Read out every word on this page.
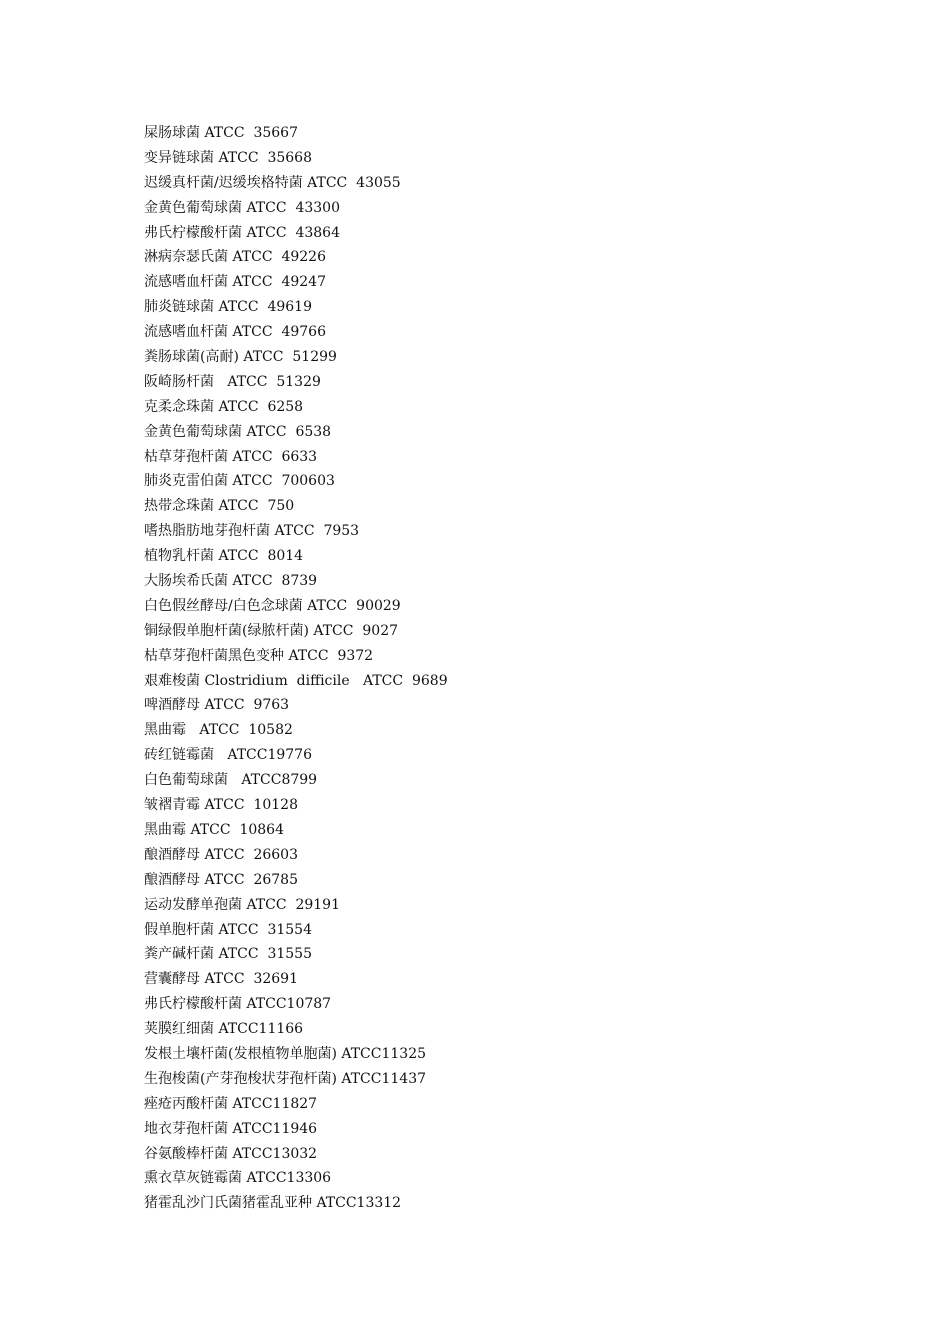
屎肠球菌 ATCC  35667
变异链球菌 ATCC  35668
迟缓真杆菌/迟缓埃格特菌 ATCC  43055
金黄色葡萄球菌 ATCC  43300
弗氏柠檬酸杆菌 ATCC  43864
淋病奈瑟氏菌 ATCC  49226
流感嗜血杆菌 ATCC  49247
肺炎链球菌 ATCC  49619
流感嗜血杆菌 ATCC  49766
粪肠球菌(高耐) ATCC  51299
阪崎肠杆菌   ATCC  51329
克柔念珠菌 ATCC  6258
金黄色葡萄球菌 ATCC  6538
枯草芽孢杆菌 ATCC  6633
肺炎克雷伯菌 ATCC  700603
热带念珠菌 ATCC  750
嗜热脂肪地芽孢杆菌 ATCC  7953
植物乳杆菌 ATCC  8014
大肠埃希氏菌 ATCC  8739
白色假丝酵母/白色念球菌 ATCC  90029
铜绿假单胞杆菌(绿脓杆菌) ATCC  9027
枯草芽孢杆菌黑色变种 ATCC  9372
艰难梭菌 Clostridium  difficile   ATCC  9689
啤酒酵母 ATCC  9763
黑曲霉   ATCC  10582
砖红链霉菌   ATCC19776
白色葡萄球菌   ATCC8799
皱褶青霉 ATCC  10128
黑曲霉 ATCC  10864
酿酒酵母 ATCC  26603
酿酒酵母 ATCC  26785
运动发酵单孢菌 ATCC  29191
假单胞杆菌 ATCC  31554
粪产碱杆菌 ATCC  31555
营囊酵母 ATCC  32691
弗氏柠檬酸杆菌 ATCC10787
荚膜红细菌 ATCC11166
发根土壤杆菌(发根植物单胞菌) ATCC11325
生孢梭菌(产芽孢梭状芽孢杆菌) ATCC11437
痤疮丙酸杆菌 ATCC11827
地衣芽孢杆菌 ATCC11946
谷氨酸棒杆菌 ATCC13032
熏衣草灰链霉菌 ATCC13306
猪霍乱沙门氏菌猪霍乱亚种 ATCC13312
